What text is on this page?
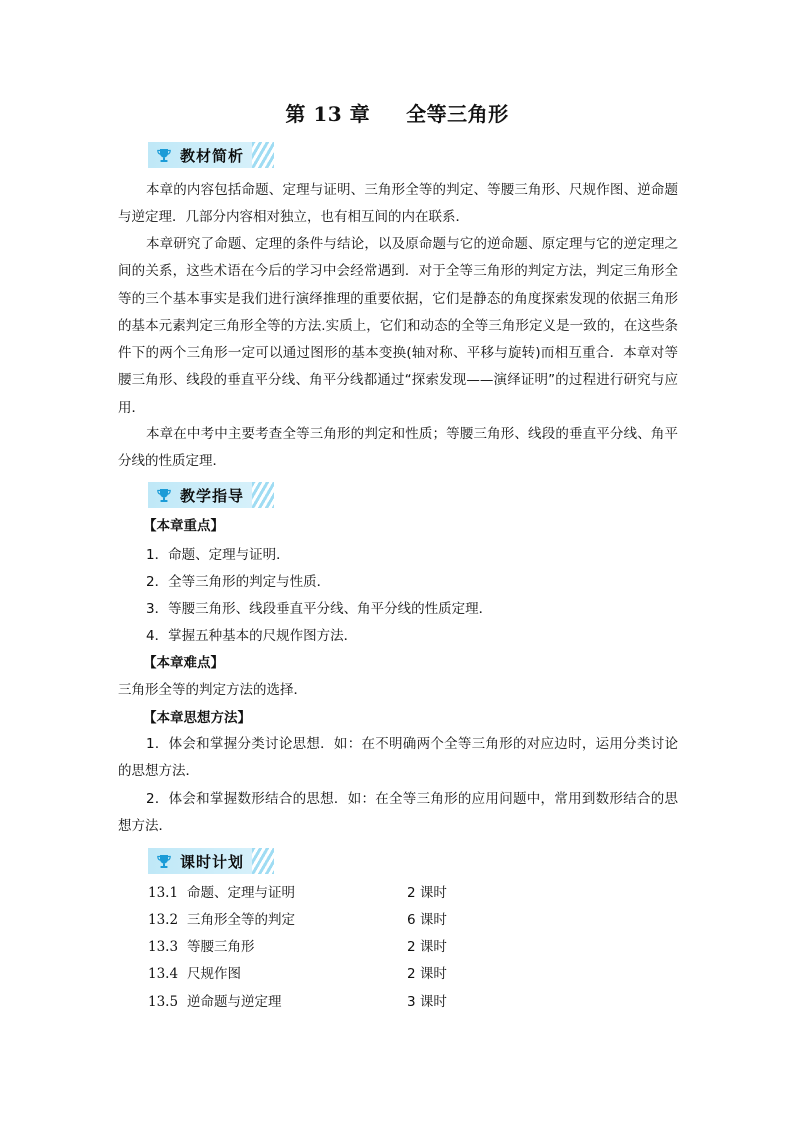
第 13 章 全等三角形
教材简析

本章的内容包括命题、定理与证明、三角形全等的判定、等腰三角形、尺规作图、逆命题与逆定理．几部分内容相对独立，也有相互间的内在联系．

本章研究了命题、定理的条件与结论，以及原命题与它的逆命题、原定理与它的逆定理之间的关系，这些术语在今后的学习中会经常遇到．对于全等三角形的判定方法，判定三角形全等的三个基本事实是我们进行演绎推理的重要依据，它们是静态的角度探索发现的依据三角形的基本元素判定三角形全等的方法.实质上，它们和动态的全等三角形定义是一致的，在这些条件下的两个三角形一定可以通过图形的基本变换(轴对称、平移与旋转)而相互重合．本章对等腰三角形、线段的垂直平分线、角平分线都通过“探索发现——演绎证明”的过程进行研究与应用．

本章在中考中主要考查全等三角形的判定和性质；等腰三角形、线段的垂直平分线、角平分线的性质定理．

教学指导
【本章重点】

1．命题、定理与证明．

2．全等三角形的判定与性质．

3．等腰三角形、线段垂直平分线、角平分线的性质定理．

4．掌握五种基本的尺规作图方法．

【本章难点】

三角形全等的判定方法的选择．

【本章思想方法】

1．体会和掌握分类讨论思想．如：在不明确两个全等三角形的对应边时，运用分类讨论的思想方法．

2．体会和掌握数形结合的思想．如：在全等三角形的应用问题中，常用到数形结合的思想方法．

课时计划
13.1 命题、定理与证明	2 课时
13.2 三角形全等的判定	6 课时
13.3 等腰三角形	2 课时
13.4 尺规作图	2 课时
13.5 逆命题与逆定理	3 课时
